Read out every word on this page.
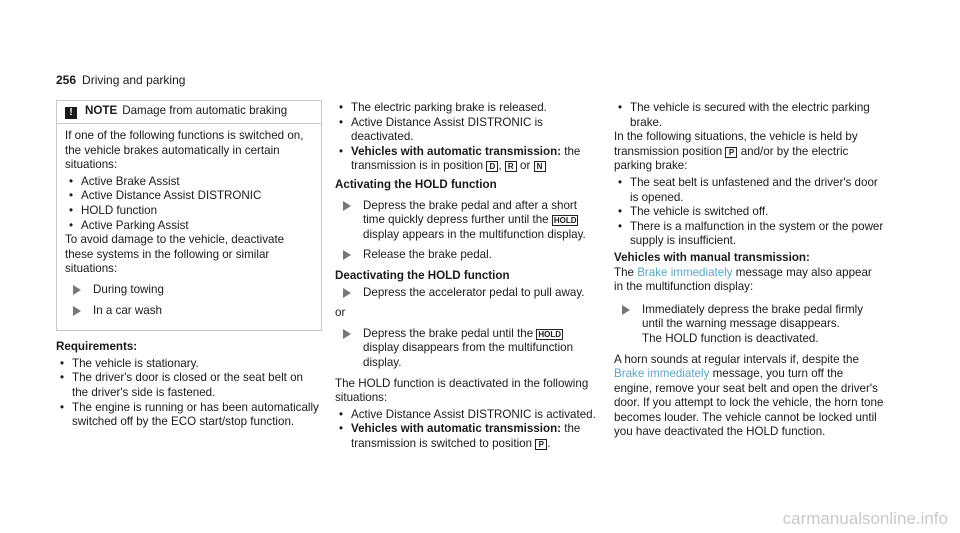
256 Driving and parking
! NOTE Damage from automatic braking

If one of the following functions is switched on, the vehicle brakes automatically in certain situations:

• Active Brake Assist
• Active Distance Assist DISTRONIC
• HOLD function
• Active Parking Assist

To avoid damage to the vehicle, deactivate these systems in the following or similar situations:

During towing
In a car wash

Requirements:

• The vehicle is stationary.
• The driver's door is closed or the seat belt on the driver's side is fastened.
• The engine is running or has been automatically switched off by the ECO start/stop function.
• The electric parking brake is released.
• Active Distance Assist DISTRONIC is deactivated.
• Vehicles with automatic transmission: the transmission is in position D , R or N

Activating the HOLD function

Depress the brake pedal and after a short time quickly depress further until the HOLD display appears in the multifunction display.
Release the brake pedal.

Deactivating the HOLD function

Depress the accelerator pedal to pull away.

or

Depress the brake pedal until the HOLD display disappears from the multifunction display.

The HOLD function is deactivated in the following situations:

• Active Distance Assist DISTRONIC is activated.
• Vehicles with automatic transmission: the transmission is switched to position P .
• The vehicle is secured with the electric parking brake.

In the following situations, the vehicle is held by transmission position P and/or by the electric parking brake:

• The seat belt is unfastened and the driver's door is opened.
• The vehicle is switched off.
• There is a malfunction in the system or the power supply is insufficient.

Vehicles with manual transmission:

The Brake immediately message may also appear in the multifunction display:

Immediately depress the brake pedal firmly until the warning message disappears.
The HOLD function is deactivated.

A horn sounds at regular intervals if, despite the Brake immediately message, you turn off the engine, remove your seat belt and open the driver's door. If you attempt to lock the vehicle, the horn tone becomes louder. The vehicle cannot be locked until you have deactivated the HOLD function.

carmanualsonline.info
